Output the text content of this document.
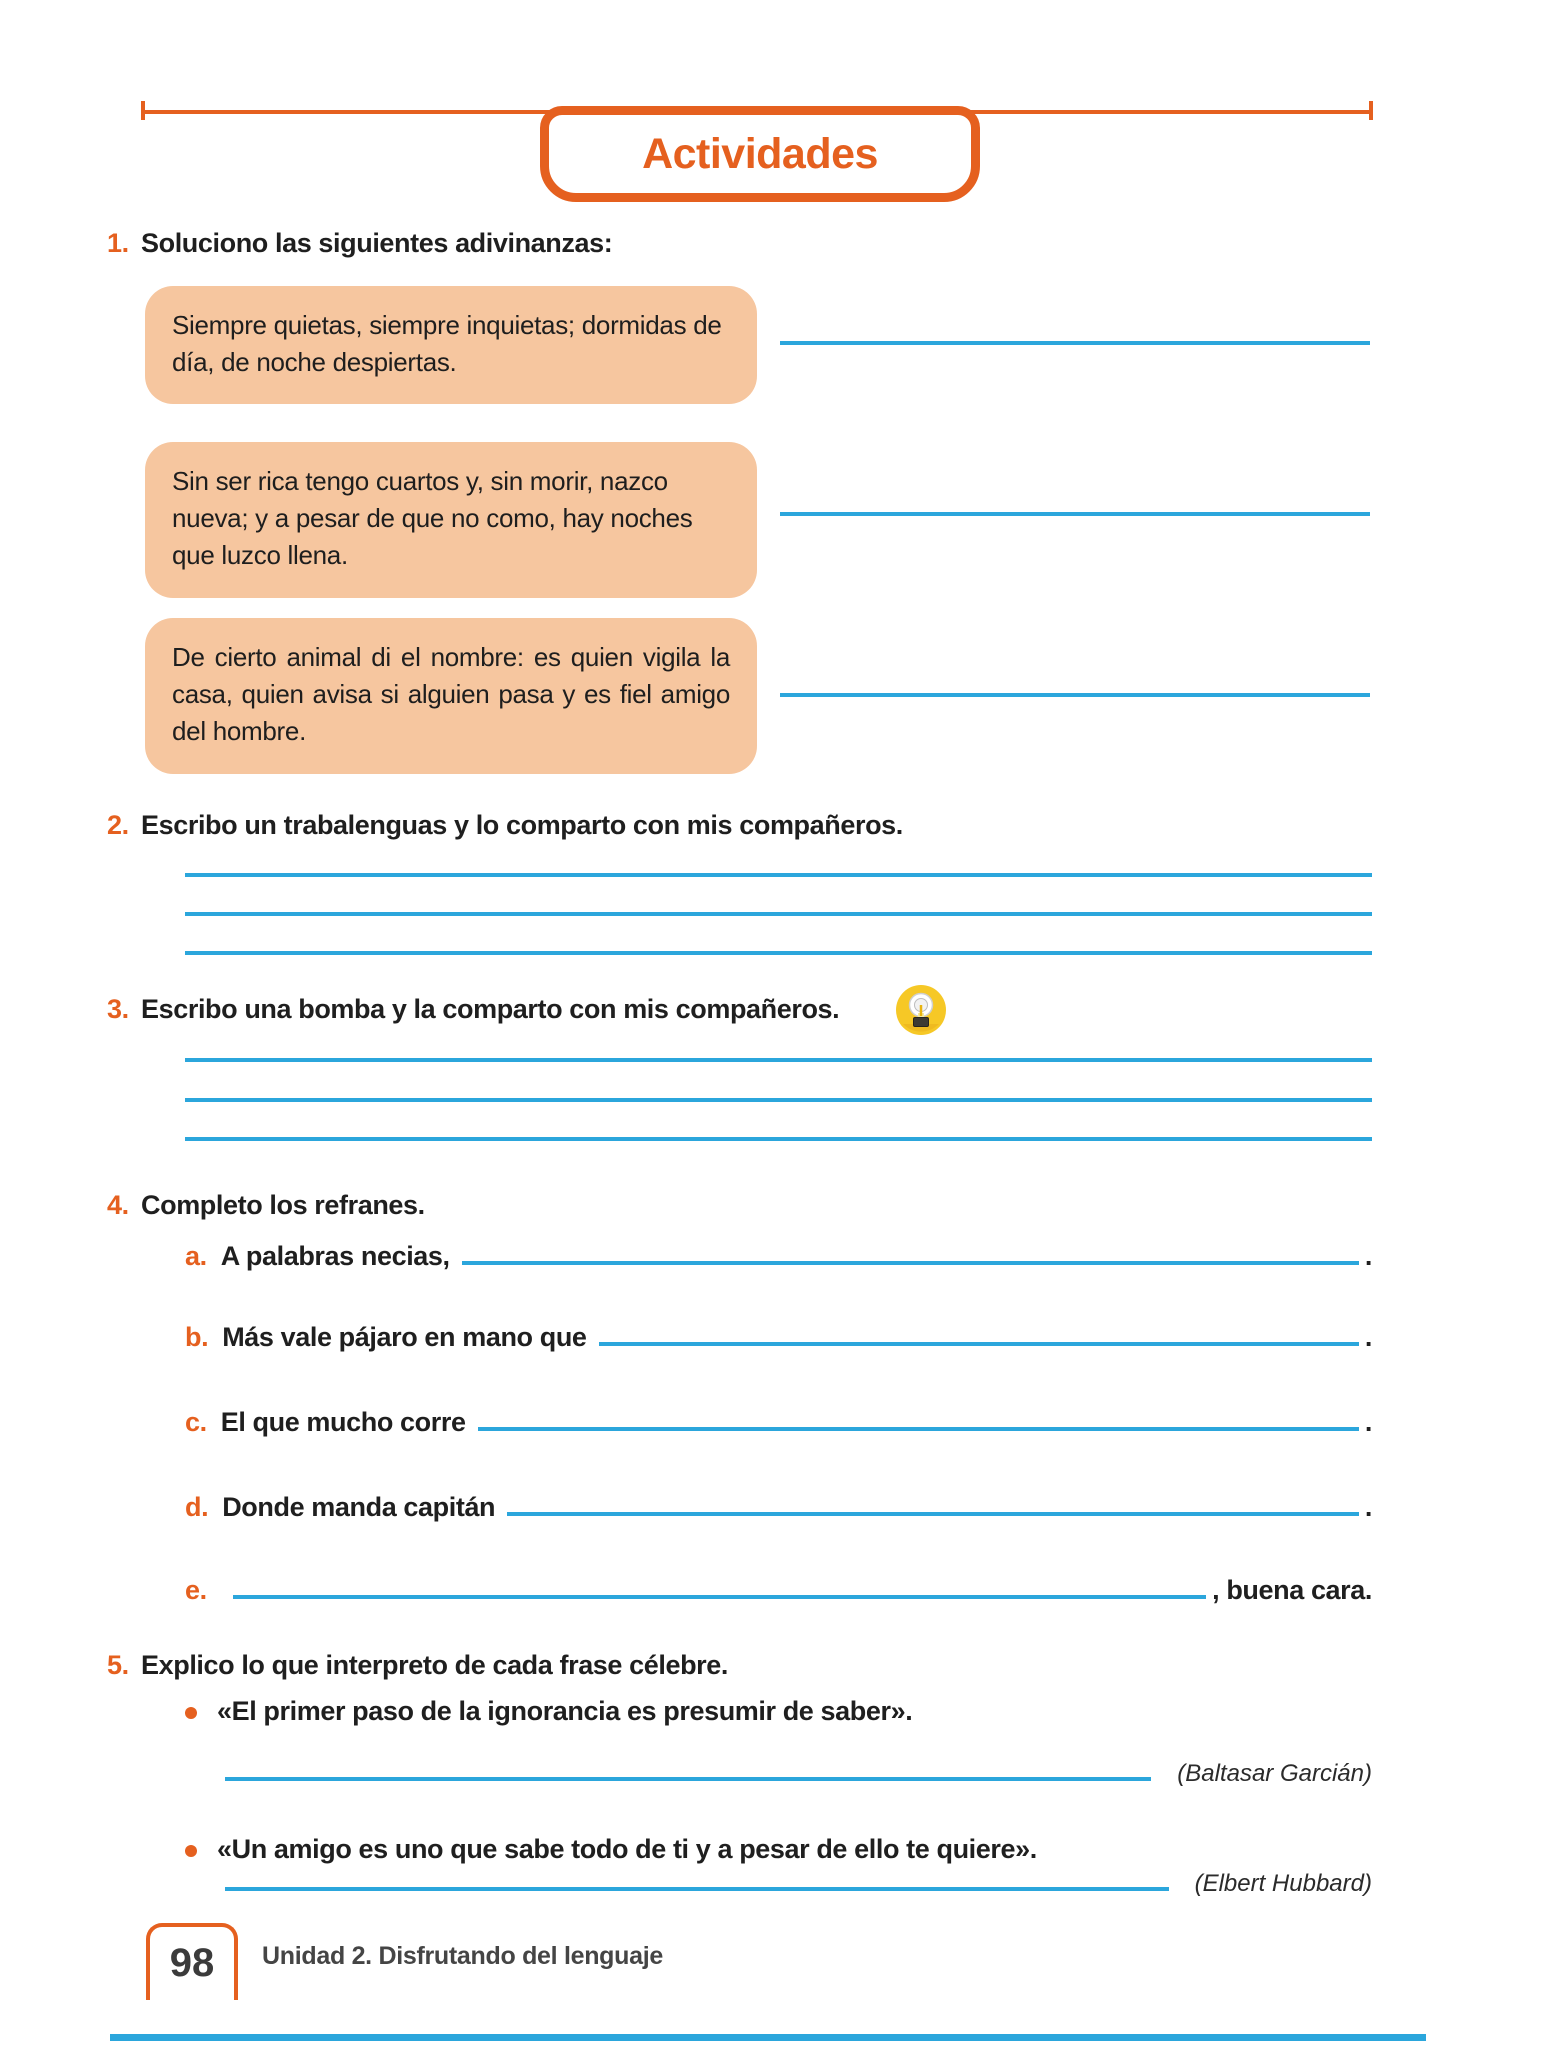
Actividades
1. Soluciono las siguientes adivinanzas:
Siempre quietas, siempre inquietas; dormidas de día, de noche despiertas.
Sin ser rica tengo cuartos y, sin morir, nazco nueva; y a pesar de que no como, hay noches que luzco llena.
De cierto animal di el nombre: es quien vigila la casa, quien avisa si alguien pasa y es fiel amigo del hombre.
2. Escribo un trabalenguas y lo comparto con mis compañeros.
3. Escribo una bomba y la comparto con mis compañeros.
4. Completo los refranes.
a. A palabras necias,	.
b. Más vale pájaro en mano que	.
c. El que mucho corre	.
d. Donde manda capitán	.
e.	, buena cara.
5. Explico lo que interpreto de cada frase célebre.
«El primer paso de la ignorancia es presumir de saber».
(Baltasar Garcián)
«Un amigo es uno que sabe todo de ti y a pesar de ello te quiere».
(Elbert Hubbard)
98 Unidad 2. Disfrutando del lenguaje
